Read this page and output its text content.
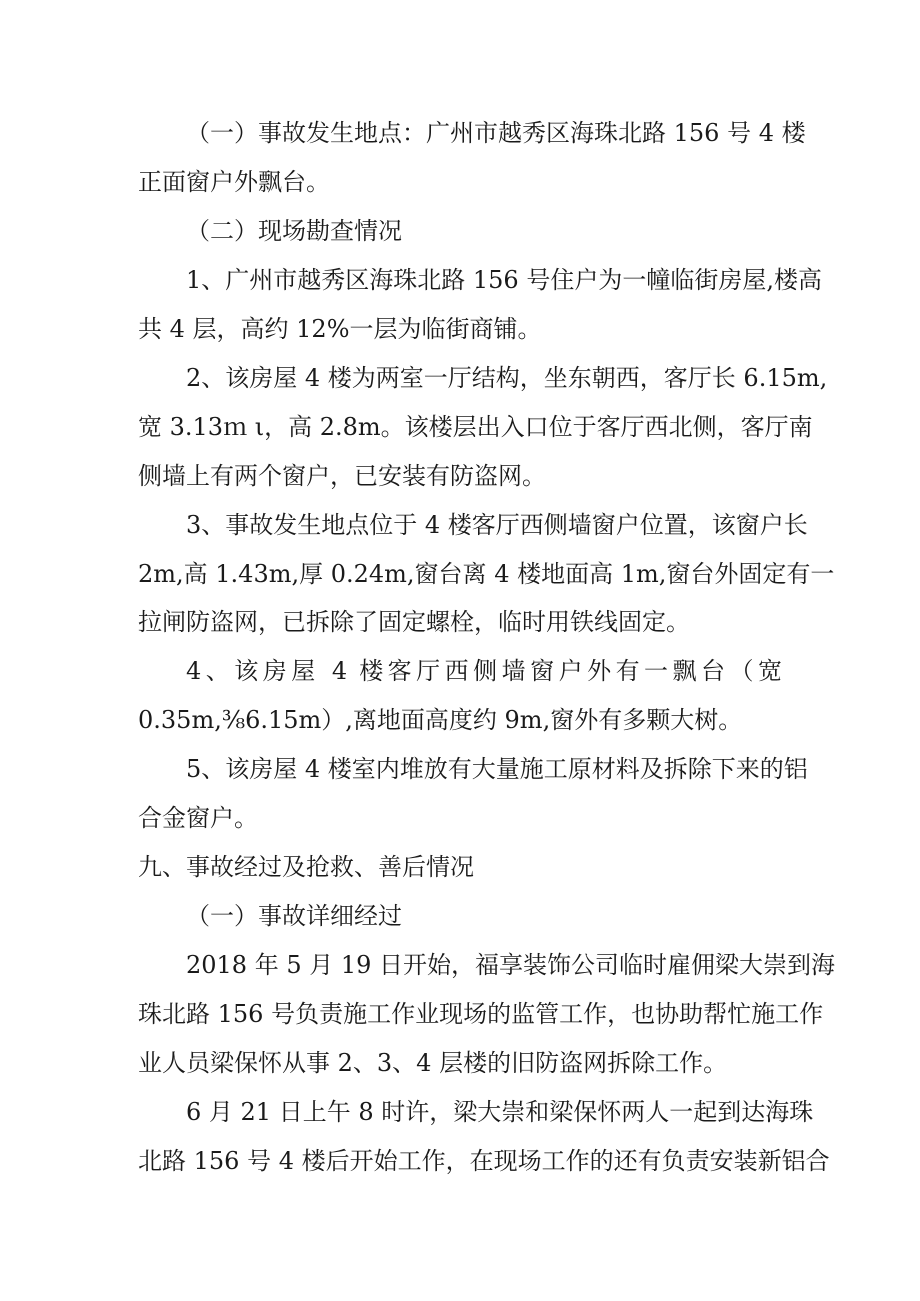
（一）事故发生地点：广州市越秀区海珠北路 156 号 4 楼
正面窗户外飘台。
（二）现场勘查情况
1、广州市越秀区海珠北路 156 号住户为一幢临街房屋,楼高
共 4 层，高约 12%一层为临街商铺。
2、该房屋 4 楼为两室一厅结构，坐东朝西，客厅长 6.15m,
宽 3.13ｍ ι，高 2.8m。该楼层出入口位于客厅西北侧，客厅南
侧墙上有两个窗户，已安装有防盗网。
3、事故发生地点位于 4 楼客厅西侧墙窗户位置，该窗户长
2m,高 1.43m,厚 0.24m,窗台离 4 楼地面高 1m,窗台外固定有一
拉闸防盗网，已拆除了固定螺栓，临时用铁线固定。
4、该房屋 4 楼客厅西侧墙窗户外有一飘台（宽
0.35m,⅜6.15m）,离地面高度约 9m,窗外有多颗大树。
5、该房屋 4 楼室内堆放有大量施工原材料及拆除下来的铝
合金窗户。
九、事故经过及抢救、善后情况
（一）事故详细经过
2018 年 5 月 19 日开始，福享装饰公司临时雇佣梁大崇到海
珠北路 156 号负责施工作业现场的监管工作，也协助帮忙施工作
业人员梁保怀从事 2、3、4 层楼的旧防盗网拆除工作。
6 月 21 日上午 8 时许，梁大崇和梁保怀两人一起到达海珠
北路 156 号 4 楼后开始工作，在现场工作的还有负责安装新铝合
